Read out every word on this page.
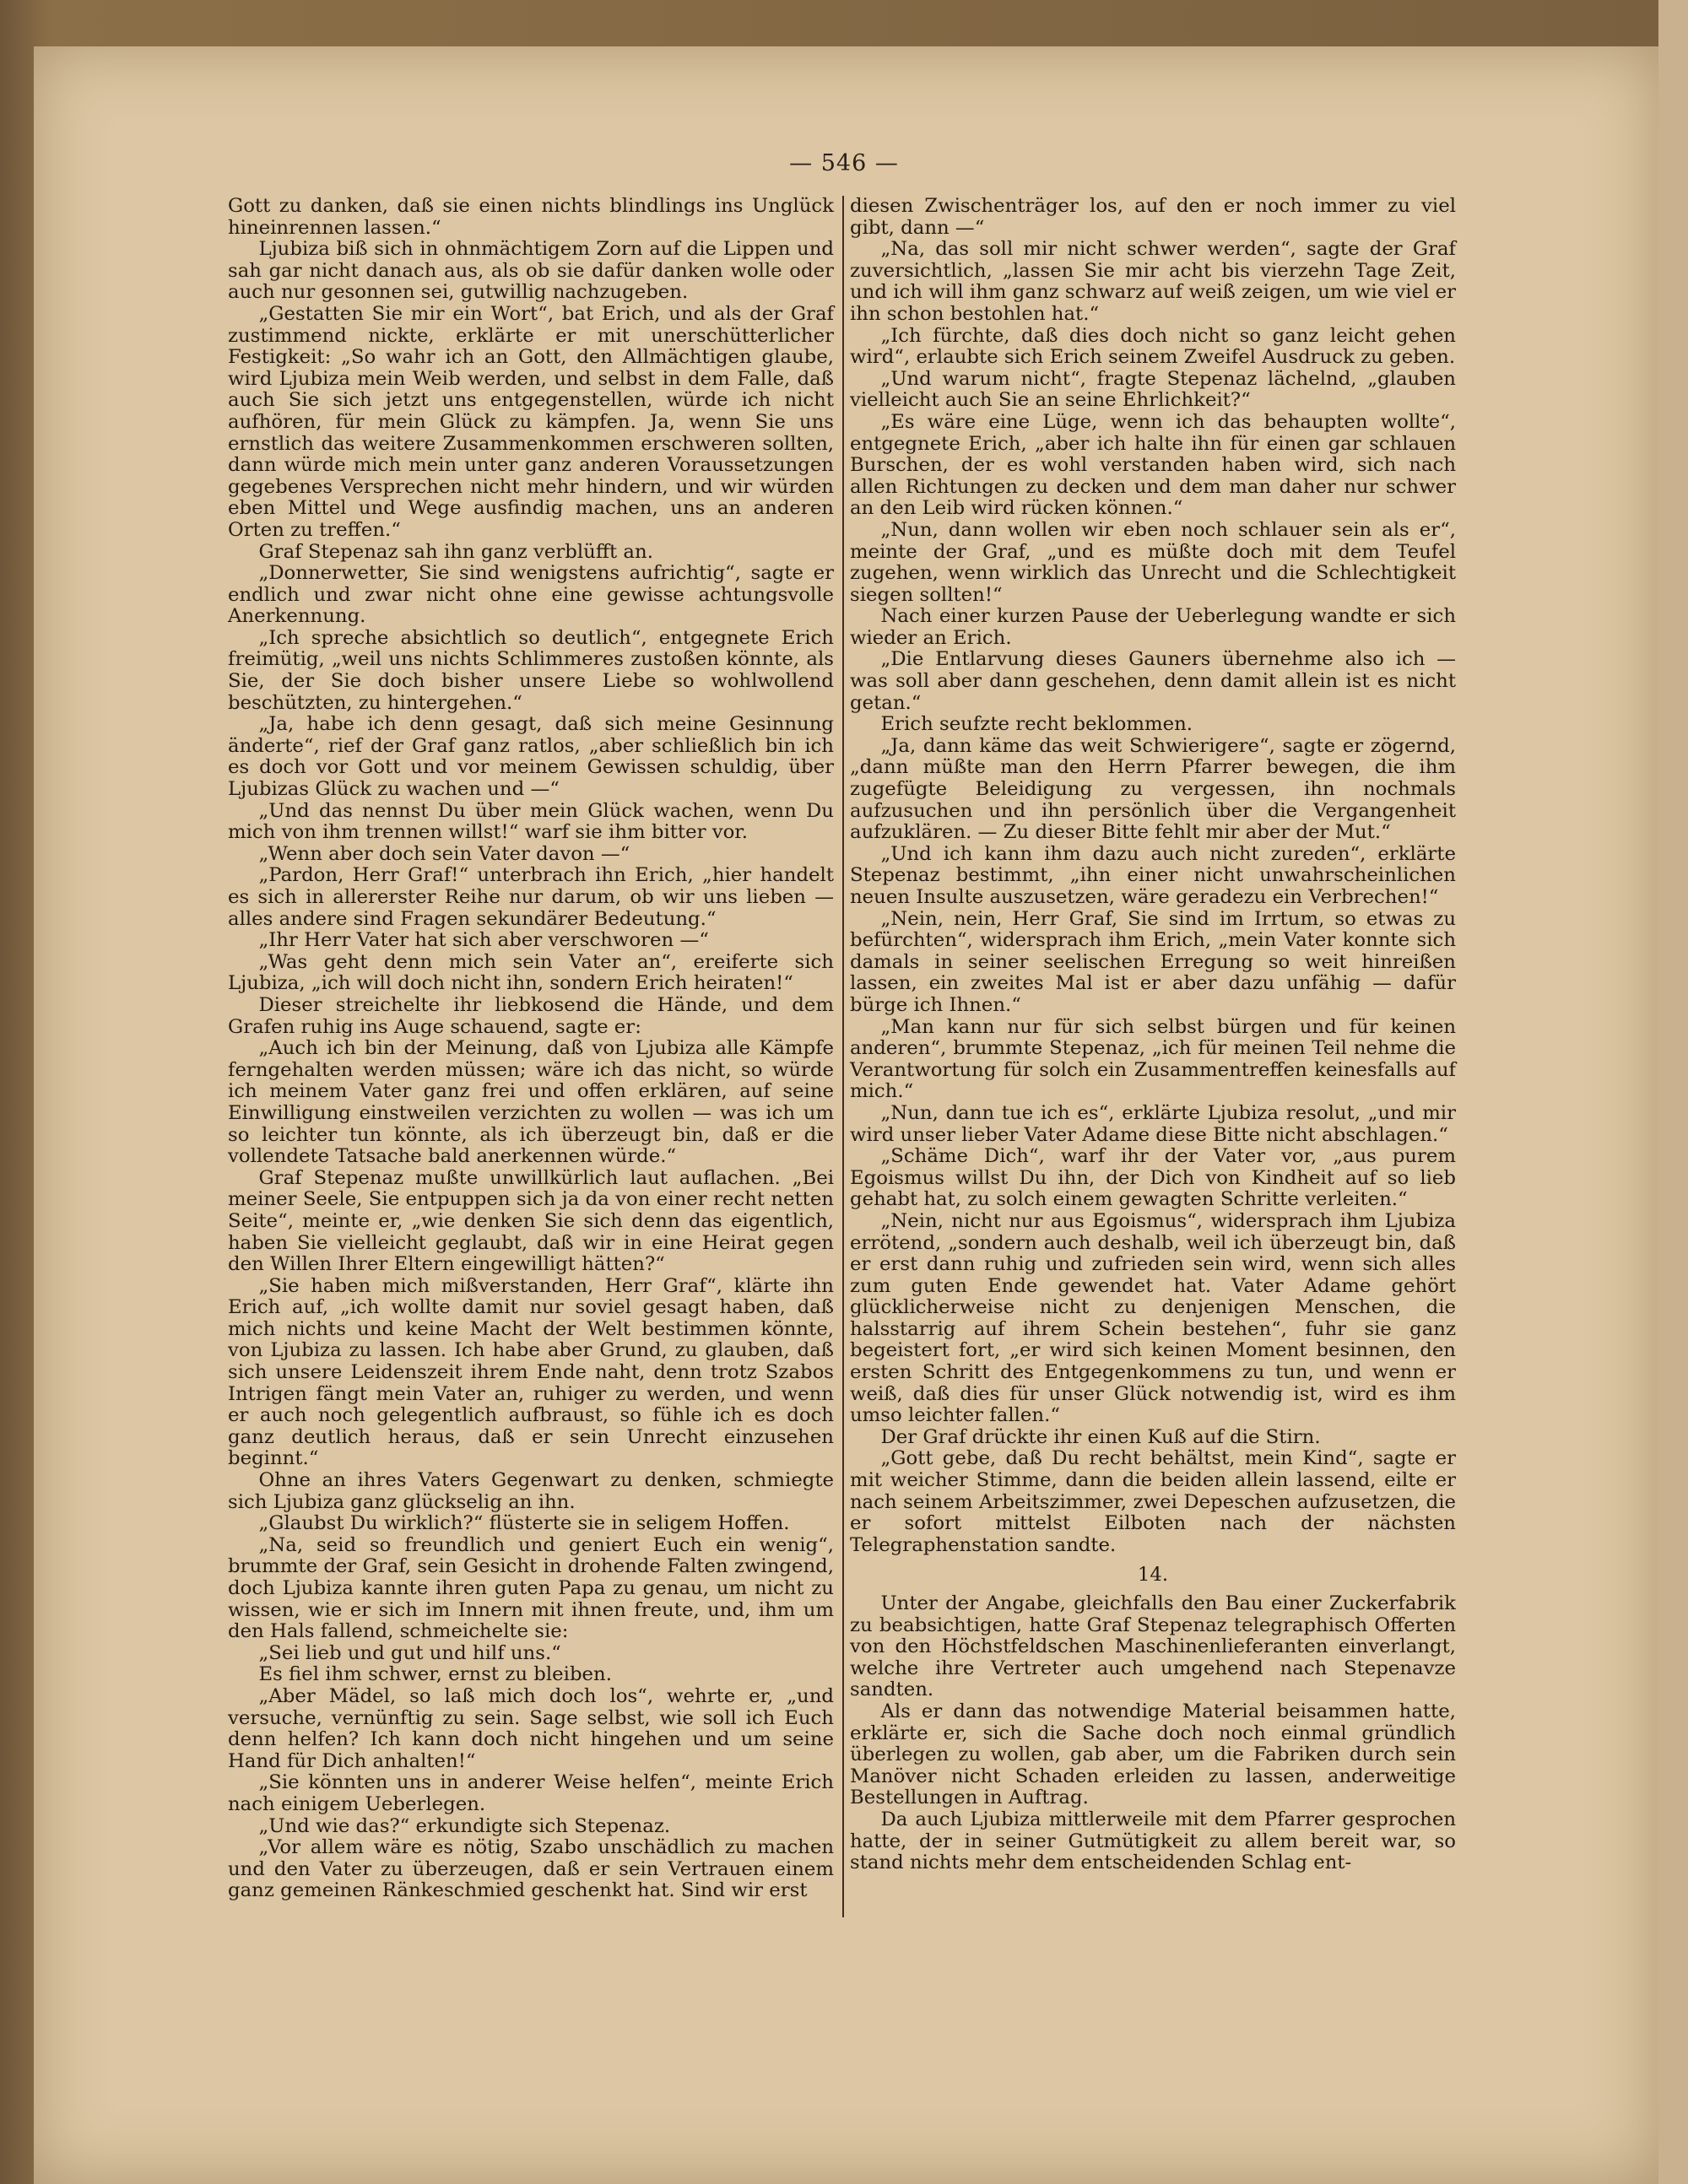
— 546 —

Gott zu danken, daß sie einen nichts blindlings ins Unglück hineinrennen lassen.“

Ljubiza biß sich in ohnmächtigem Zorn auf die Lippen und sah gar nicht danach aus, als ob sie dafür danken wolle oder auch nur gesonnen sei, gutwillig nachzugeben.

„Gestatten Sie mir ein Wort“, bat Erich, und als der Graf zustimmend nickte, erklärte er mit unerschütterlicher Festigkeit: „So wahr ich an Gott, den Allmächtigen glaube, wird Ljubiza mein Weib werden, und selbst in dem Falle, daß auch Sie sich jetzt uns entgegenstellen, würde ich nicht aufhören, für mein Glück zu kämpfen. Ja, wenn Sie uns ernstlich das weitere Zusammenkommen erschweren sollten, dann würde mich mein unter ganz anderen Voraussetzungen gegebenes Versprechen nicht mehr hindern, und wir würden eben Mittel und Wege ausfindig machen, uns an anderen Orten zu treffen.“

Graf Stepenaz sah ihn ganz verblüfft an.

„Donnerwetter, Sie sind wenigstens aufrichtig“, sagte er endlich und zwar nicht ohne eine gewisse achtungsvolle Anerkennung.

„Ich spreche absichtlich so deutlich“, entgegnete Erich freimütig, „weil uns nichts Schlimmeres zustoßen könnte, als Sie, der Sie doch bisher unsere Liebe so wohlwollend beschützten, zu hintergehen.“

„Ja, habe ich denn gesagt, daß sich meine Gesinnung änderte“, rief der Graf ganz ratlos, „aber schließlich bin ich es doch vor Gott und vor meinem Gewissen schuldig, über Ljubizas Glück zu wachen und —“

„Und das nennst Du über mein Glück wachen, wenn Du mich von ihm trennen willst!“ warf sie ihm bitter vor.

„Wenn aber doch sein Vater davon —“

„Pardon, Herr Graf!“ unterbrach ihn Erich, „hier handelt es sich in allererster Reihe nur darum, ob wir uns lieben — alles andere sind Fragen sekundärer Bedeutung.“

„Ihr Herr Vater hat sich aber verschworen —“

„Was geht denn mich sein Vater an“, ereiferte sich Ljubiza, „ich will doch nicht ihn, sondern Erich heiraten!“

Dieser streichelte ihr liebkosend die Hände, und dem Grafen ruhig ins Auge schauend, sagte er:

„Auch ich bin der Meinung, daß von Ljubiza alle Kämpfe ferngehalten werden müssen; wäre ich das nicht, so würde ich meinem Vater ganz frei und offen erklären, auf seine Einwilligung einstweilen verzichten zu wollen — was ich um so leichter tun könnte, als ich überzeugt bin, daß er die vollendete Tatsache bald anerkennen würde.“

Graf Stepenaz mußte unwillkürlich laut auflachen. „Bei meiner Seele, Sie entpuppen sich ja da von einer recht netten Seite“, meinte er, „wie denken Sie sich denn das eigentlich, haben Sie vielleicht geglaubt, daß wir in eine Heirat gegen den Willen Ihrer Eltern eingewilligt hätten?“

„Sie haben mich mißverstanden, Herr Graf“, klärte ihn Erich auf, „ich wollte damit nur soviel gesagt haben, daß mich nichts und keine Macht der Welt bestimmen könnte, von Ljubiza zu lassen. Ich habe aber Grund, zu glauben, daß sich unsere Leidenszeit ihrem Ende naht, denn trotz Szabos Intrigen fängt mein Vater an, ruhiger zu werden, und wenn er auch noch gelegentlich aufbraust, so fühle ich es doch ganz deutlich heraus, daß er sein Unrecht einzusehen beginnt.“

Ohne an ihres Vaters Gegenwart zu denken, schmiegte sich Ljubiza ganz glückselig an ihn.

„Glaubst Du wirklich?“ flüsterte sie in seligem Hoffen.

„Na, seid so freundlich und geniert Euch ein wenig“, brummte der Graf, sein Gesicht in drohende Falten zwingend, doch Ljubiza kannte ihren guten Papa zu genau, um nicht zu wissen, wie er sich im Innern mit ihnen freute, und, ihm um den Hals fallend, schmeichelte sie:

„Sei lieb und gut und hilf uns.“

Es fiel ihm schwer, ernst zu bleiben.

„Aber Mädel, so laß mich doch los“, wehrte er, „und versuche, vernünftig zu sein. Sage selbst, wie soll ich Euch denn helfen? Ich kann doch nicht hingehen und um seine Hand für Dich anhalten!“

„Sie könnten uns in anderer Weise helfen“, meinte Erich nach einigem Ueberlegen.

„Und wie das?“ erkundigte sich Stepenaz.

„Vor allem wäre es nötig, Szabo unschädlich zu machen und den Vater zu überzeugen, daß er sein Vertrauen einem ganz gemeinen Ränkeschmied geschenkt hat. Sind wir erst

diesen Zwischenträger los, auf den er noch immer zu viel gibt, dann —“

„Na, das soll mir nicht schwer werden“, sagte der Graf zuversichtlich, „lassen Sie mir acht bis vierzehn Tage Zeit, und ich will ihm ganz schwarz auf weiß zeigen, um wie viel er ihn schon bestohlen hat.“

„Ich fürchte, daß dies doch nicht so ganz leicht gehen wird“, erlaubte sich Erich seinem Zweifel Ausdruck zu geben.

„Und warum nicht“, fragte Stepenaz lächelnd, „glauben vielleicht auch Sie an seine Ehrlichkeit?“

„Es wäre eine Lüge, wenn ich das behaupten wollte“, entgegnete Erich, „aber ich halte ihn für einen gar schlauen Burschen, der es wohl verstanden haben wird, sich nach allen Richtungen zu decken und dem man daher nur schwer an den Leib wird rücken können.“

„Nun, dann wollen wir eben noch schlauer sein als er“, meinte der Graf, „und es müßte doch mit dem Teufel zugehen, wenn wirklich das Unrecht und die Schlechtigkeit siegen sollten!“

Nach einer kurzen Pause der Ueberlegung wandte er sich wieder an Erich.

„Die Entlarvung dieses Gauners übernehme also ich — was soll aber dann geschehen, denn damit allein ist es nicht getan.“

Erich seufzte recht beklommen.

„Ja, dann käme das weit Schwierigere“, sagte er zögernd, „dann müßte man den Herrn Pfarrer bewegen, die ihm zugefügte Beleidigung zu vergessen, ihn nochmals aufzusuchen und ihn persönlich über die Vergangenheit aufzuklären. — Zu dieser Bitte fehlt mir aber der Mut.“

„Und ich kann ihm dazu auch nicht zureden“, erklärte Stepenaz bestimmt, „ihn einer nicht unwahrscheinlichen neuen Insulte auszusetzen, wäre geradezu ein Verbrechen!“

„Nein, nein, Herr Graf, Sie sind im Irrtum, so etwas zu befürchten“, widersprach ihm Erich, „mein Vater konnte sich damals in seiner seelischen Erregung so weit hinreißen lassen, ein zweites Mal ist er aber dazu unfähig — dafür bürge ich Ihnen.“

„Man kann nur für sich selbst bürgen und für keinen anderen“, brummte Stepenaz, „ich für meinen Teil nehme die Verantwortung für solch ein Zusammentreffen keinesfalls auf mich.“

„Nun, dann tue ich es“, erklärte Ljubiza resolut, „und mir wird unser lieber Vater Adame diese Bitte nicht abschlagen.“

„Schäme Dich“, warf ihr der Vater vor, „aus purem Egoismus willst Du ihn, der Dich von Kindheit auf so lieb gehabt hat, zu solch einem gewagten Schritte verleiten.“

„Nein, nicht nur aus Egoismus“, widersprach ihm Ljubiza errötend, „sondern auch deshalb, weil ich überzeugt bin, daß er erst dann ruhig und zufrieden sein wird, wenn sich alles zum guten Ende gewendet hat. Vater Adame gehört glücklicherweise nicht zu denjenigen Menschen, die halsstarrig auf ihrem Schein bestehen“, fuhr sie ganz begeistert fort, „er wird sich keinen Moment besinnen, den ersten Schritt des Entgegenkommens zu tun, und wenn er weiß, daß dies für unser Glück notwendig ist, wird es ihm umso leichter fallen.“

Der Graf drückte ihr einen Kuß auf die Stirn.

„Gott gebe, daß Du recht behältst, mein Kind“, sagte er mit weicher Stimme, dann die beiden allein lassend, eilte er nach seinem Arbeitszimmer, zwei Depeschen aufzusetzen, die er sofort mittelst Eilboten nach der nächsten Telegraphenstation sandte.

14.

Unter der Angabe, gleichfalls den Bau einer Zuckerfabrik zu beabsichtigen, hatte Graf Stepenaz telegraphisch Offerten von den Höchstfeldschen Maschinenlieferanten einverlangt, welche ihre Vertreter auch umgehend nach Stepenavze sandten.

Als er dann das notwendige Material beisammen hatte, erklärte er, sich die Sache doch noch einmal gründlich überlegen zu wollen, gab aber, um die Fabriken durch sein Manöver nicht Schaden erleiden zu lassen, anderweitige Bestellungen in Auftrag.

Da auch Ljubiza mittlerweile mit dem Pfarrer gesprochen hatte, der in seiner Gutmütigkeit zu allem bereit war, so stand nichts mehr dem entscheidenden Schlag ent-
